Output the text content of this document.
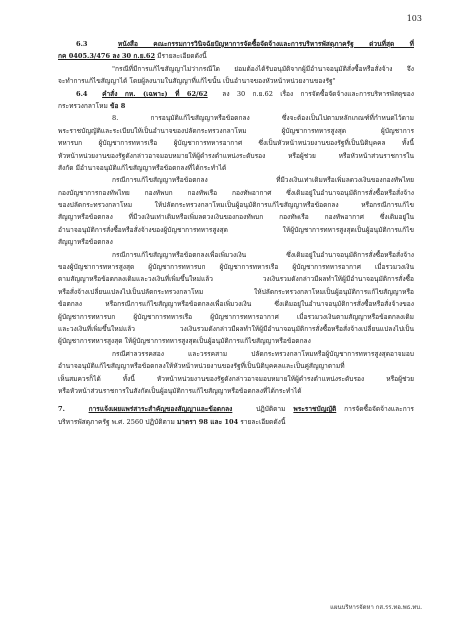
103
6.3	หนังสือ คณะกรรมการวินิจฉัยปัญหาการจัดซื้อจัดจ้างและการบริหารพัสดุภาครัฐ ด่วนที่สุด ที่
กค 0405.3/476 ลง 30 ก.ย.62 มีรายละเอียดดังนี้
"กรณีที่มีการแก้ไขสัญญาไม่ว่ากรณีใด ย่อมต้องได้รับอนุมัติจากผู้มีอำนาจอนุมัติสั่งซื้อหรือสั่งจ้าง จึง
จะทำการแก้ไขสัญญาได้ โดยผู้ลงนามในสัญญาที่แก้ไขนั้น เป็นอำนาจของหัวหน้าหน่วยงานของรัฐ"
6.4 คำสั่ง กห. (เฉพาะ) ที่ 62/62 ลง 30 ก.ย.62 เรื่อง การจัดซื้อจัดจ้างและการบริหารพัสดุของ
กระทรวงกลาโหม ข้อ 8
8. การอนุมัติแก้ไขสัญญาหรือข้อตกลง ซึ่งจะต้องเป็นไปตามหลักเกณฑ์ที่กำหนดไว้ตาม
พระราชบัญญัติและระเบียบให้เป็นอำนาจของปลัดกระทรวงกลาโหม ผู้บัญชาการทหารสูงสุด ผู้บัญชาการ
ทหารบก ผู้บัญชาการทหารเรือ ผู้บัญชาการทหารอากาศ ซึ่งเป็นหัวหน้าหน่วยงานของรัฐที่เป็นนิติบุคคล ทั้งนี้
หัวหน้าหน่วยงานของรัฐดังกล่าวอาจมอบหมายให้ผู้ดำรงตำแหน่งระดับรอง หรือผู้ช่วย หรือหัวหน้าส่วนราชการใน
สังกัด มีอำนาจอนุมัติแก้ไขสัญญาหรือข้อตกลงที่ได้กระทำได้
กรณีการแก้ไขสัญญาหรือข้อตกลง ที่มีวงเงินเท่าเดิมหรือเพิ่มลดวงเงินของกองทัพไทย
กองบัญชาการกองทัพไทย กองทัพบก กองทัพเรือ กองทัพอากาศ ซึ่งเดิมอยู่ในอำนาจอนุมัติการสั่งซื้อหรือสั่งจ้าง
ของปลัดกระทรวงกลาโหม ให้ปลัดกระทรวงกลาโหมเป็นผู้อนุมัติการแก้ไขสัญญาหรือข้อตกลง หรือกรณีการแก้ไข
สัญญาหรือข้อตกลง ที่มีวงเงินเท่าเดิมหรือเพิ่มลดวงเงินของกองทัพบก กองทัพเรือ กองทัพอากาศ ซึ่งเดิมอยู่ใน
อำนาจอนุมัติการสั่งซื้อหรือสั่งจ้างของผู้บัญชาการทหารสูงสุด ให้ผู้บัญชาการทหารสูงสุดเป็นผู้อนุมัติการแก้ไข
สัญญาหรือข้อตกลง
กรณีการแก้ไขสัญญาหรือข้อตกลงเพื่อเพิ่มวงเงิน ซึ่งเดิมอยู่ในอำนาจอนุมัติการสั่งซื้อหรือสั่งจ้าง
ของผู้บัญชาการทหารสูงสุด ผู้บัญชาการทหารบก ผู้บัญชาการทหารเรือ ผู้บัญชาการทหารอากาศ เมื่อรวมวงเงิน
ตามสัญญาหรือข้อตกลงเดิมและวงเงินที่เพิ่มขึ้นใหม่แล้ว วงเงินรวมดังกล่าวมีผลทำให้ผู้มีอำนาจอนุมัติการสั่งซื้อ
หรือสั่งจ้างเปลี่ยนแปลงไปเป็นปลัดกระทรวงกลาโหม ให้ปลัดกระทรวงกลาโหมเป็นผู้อนุมัติการแก้ไขสัญญาหรือ
ข้อตกลง หรือกรณีการแก้ไขสัญญาหรือข้อตกลงเพื่อเพิ่มวงเงิน ซึ่งเดิมอยู่ในอำนาจอนุมัติการสั่งซื้อหรือสั่งจ้างของ
ผู้บัญชาการทหารบก ผู้บัญชาการทหารเรือ ผู้บัญชาการทหารอากาศ เมื่อรวมวงเงินตามสัญญาหรือข้อตกลงเดิม
และวงเงินที่เพิ่มขึ้นใหม่แล้ว วงเงินรวมดังกล่าวมีผลทำให้ผู้มีอำนาจอนุมัติการสั่งซื้อหรือสั่งจ้างเปลี่ยนแปลงไปเป็น
ผู้บัญชาการทหารสูงสุด ให้ผู้บัญชาการทหารสูงสุดเป็นผู้อนุมัติการแก้ไขสัญญาหรือข้อตกลง
กรณีศาลวรรคสอง และวรรคสาม ปลัดกระทรวงกลาโหมหรือผู้บัญชาการทหารสูงสุดอาจมอบ
อำนาจอนุมัติแก้ไขสัญญาหรือข้อตกลงให้หัวหน้าหน่วยงานของรัฐที่เป็นนิติบุคคลและเป็นคู่สัญญาตามที่
เห็นสมควรก็ได้ ทั้งนี้ หัวหน้าหน่วยงานของรัฐดังกล่าวอาจมอบหมายให้ผู้ดำรงตำแหน่งระดับรอง หรือผู้ช่วย
หรือหัวหน้าส่วนราชการในสังกัดเป็นผู้อนุมัติการแก้ไขสัญญาหรือข้อตกลงที่ได้กระทำได้
7.	การแจ้งเผยแพร่สาระสำคัญของสัญญาและข้อตกลง	ปฏิบัติตาม พระราชบัญญัติ การจัดซื้อจัดจ้างและการ
บริหารพัสดุภาครัฐ พ.ศ. 2560 ปฏิบัติตาม มาตรา 98 และ 104 รายละเอียดดังนี้
แผนบริหารจัดหา กส.รร.ทอ.พธ.ทบ.
